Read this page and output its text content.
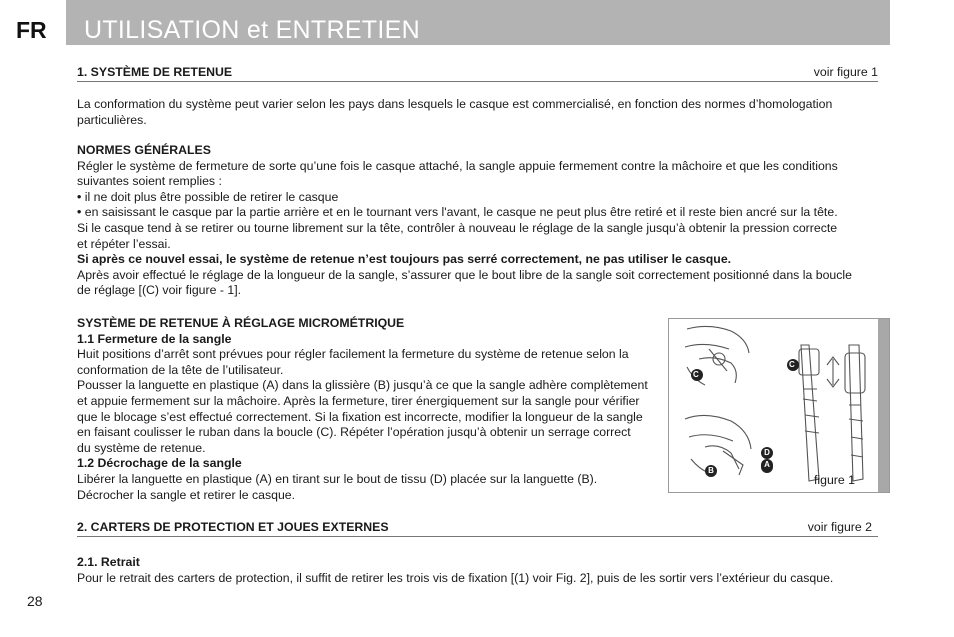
FR UTILISATION et ENTRETIEN
1. SYSTÈME DE RETENUE	voir figure 1
La conformation du système peut varier selon les pays dans lesquels le casque est commercialisé, en fonction des normes d’homologation
particulières.
NORMES GÉNÉRALES
Régler le système de fermeture de sorte qu’une fois le casque attaché, la sangle appuie fermement contre la mâchoire et que les conditions
suivantes soient remplies :
• il ne doit plus être possible de retirer le casque
• en saisissant le casque par la partie arrière et en le tournant vers l'avant, le casque ne peut plus être retiré et il reste bien ancré sur la tête.
Si le casque tend à se retirer ou tourne librement sur la tête, contrôler à nouveau le réglage de la sangle jusqu’à obtenir la pression correcte
et répéter l’essai.
Si après ce nouvel essai, le système de retenue n’est toujours pas serré correctement, ne pas utiliser le casque.
Après avoir effectué le réglage de la longueur de la sangle, s’assurer que le bout libre de la sangle soit correctement positionné dans la boucle
de réglage [(C) voir figure - 1].
SYSTÈME DE RETENUE À RÉGLAGE MICROMÉTRIQUE
1.1 Fermeture de la sangle
Huit positions d’arrêt sont prévues pour régler facilement la fermeture du système de retenue selon la
conformation de la tête de l’utilisateur.
Pousser la languette en plastique (A) dans la glissière (B) jusqu’à ce que la sangle adhère complètement
et appuie fermement sur la mâchoire. Après la fermeture, tirer énergiquement sur la sangle pour vérifier
que le blocage s’est effectué correctement. Si la fixation est incorrecte, modifier la longueur de la sangle
en faisant coulisser le ruban dans la boucle (C). Répéter l’opération jusqu’à obtenir un serrage correct
du système de retenue.
1.2 Décrochage de la sangle
Libérer la languette en plastique (A) en tirant sur le bout de tissu (D) placée sur la languette (B).
Décrocher la sangle et retirer le casque.
C
C
A
D
B
figure 1
2. CARTERS DE PROTECTION ET JOUES EXTERNES	voir figure 2
2.1. Retrait
Pour le retrait des carters de protection, il suffit de retirer les trois vis de fixation [(1) voir Fig. 2], puis de les sortir vers l’extérieur du casque.
28
